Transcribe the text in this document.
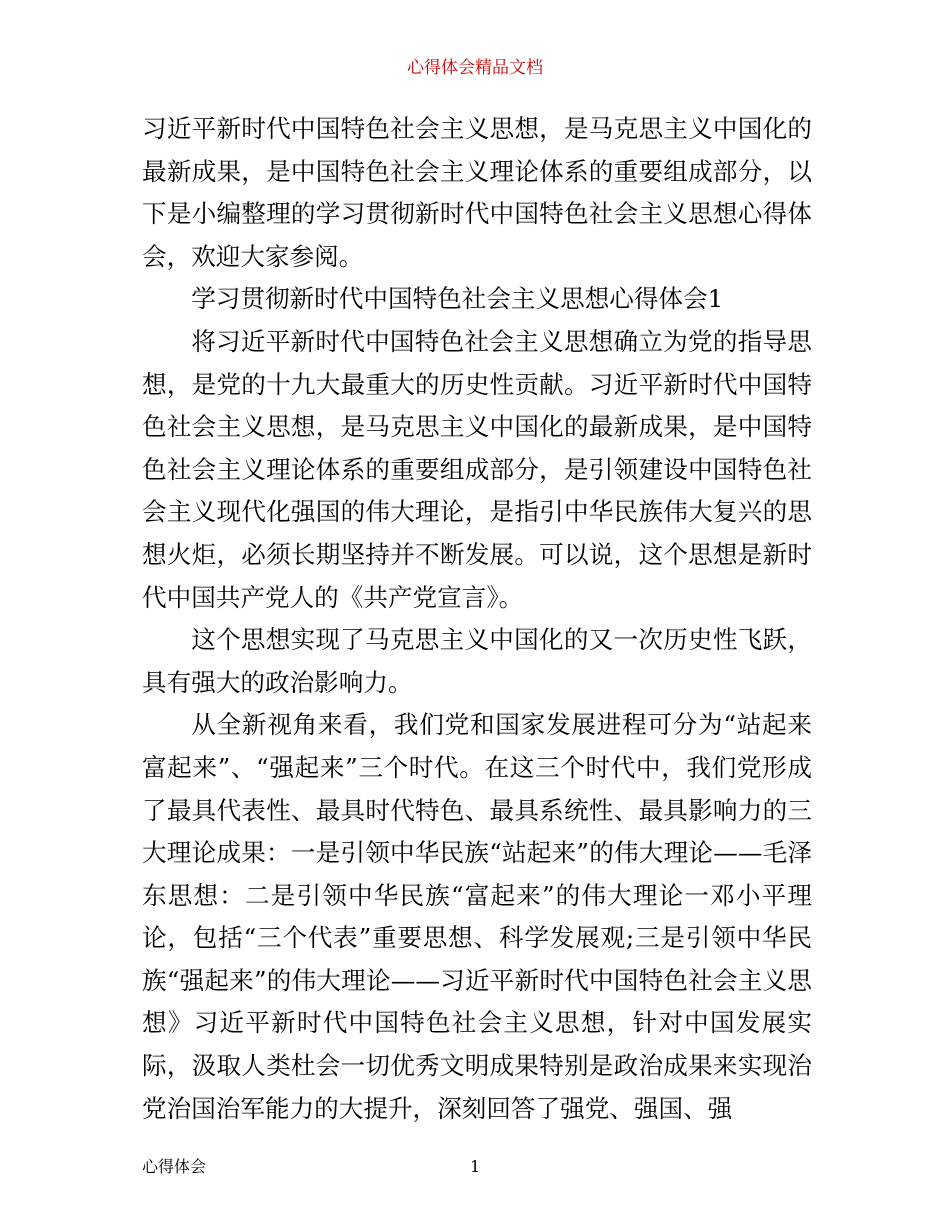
心得体会精品文档

习近平新时代中国特色社会主义思想，是马克思主义中国化的最新成果，是中国特色社会主义理论体系的重要组成部分，以下是小编整理的学习贯彻新时代中国特色社会主义思想心得体会，欢迎大家参阅。

学习贯彻新时代中国特色社会主义思想心得体会1

将习近平新时代中国特色社会主义思想确立为党的指导思想，是党的十九大最重大的历史性贡献。习近平新时代中国特色社会主义思想，是马克思主义中国化的最新成果，是中国特色社会主义理论体系的重要组成部分，是引领建设中国特色社会主义现代化强国的伟大理论，是指引中华民族伟大复兴的思想火炬，必须长期坚持并不断发展。可以说，这个思想是新时代中国共产党人的《共产党宣言》。

这个思想实现了马克思主义中国化的又一次历史性飞跃，具有强大的政治影响力。

从全新视角来看，我们党和国家发展进程可分为“站起来富起来”、“强起来”三个时代。在这三个时代中，我们党形成了最具代表性、最具时代特色、最具系统性、最具影响力的三大理论成果：一是引领中华民族“站起来”的伟大理论——毛泽东思想：二是引领中华民族“富起来”的伟大理论一邓小平理论，包括“三个代表”重要思想、科学发展观;三是引领中华民族“强起来”的伟大理论——习近平新时代中国特色社会主义思想》习近平新时代中国特色社会主义思想，针对中国发展实际，汲取人类杜会一切优秀文明成果特别是政治成果来实现治党治国治军能力的大提升，深刻回答了强党、强国、强

心得体会	1
